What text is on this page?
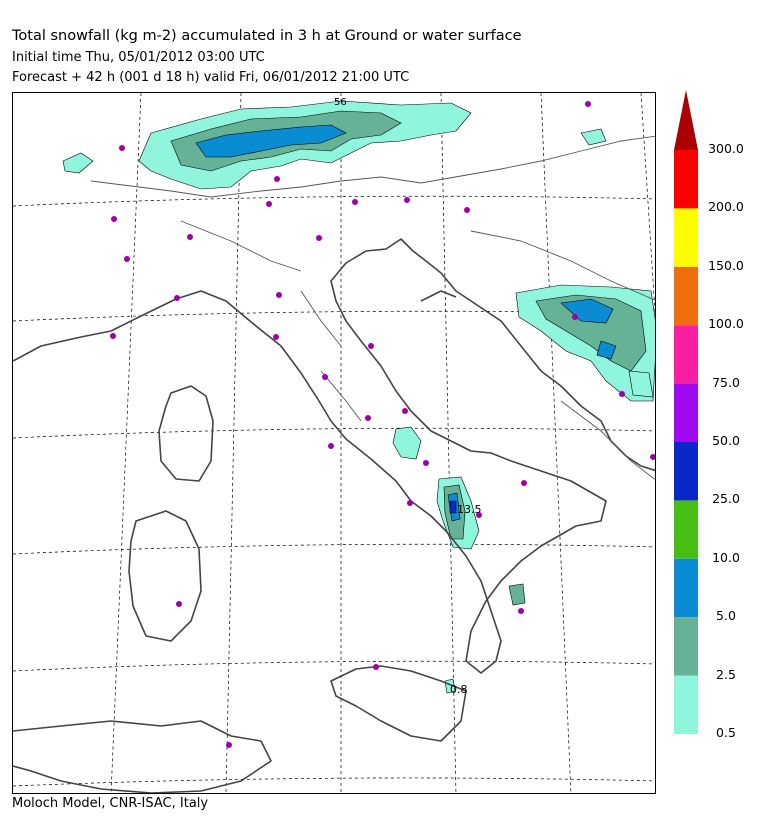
Total snowfall (kg m-2) accumulated in 3 h at Ground or water surface
Initial time Thu, 05/01/2012 03:00 UTC
Forecast + 42 h (001 d 18 h) valid Fri, 06/01/2012 21:00 UTC
56
13.5
0.8
0.5
2.5
5.0
10.0
25.0
50.0
75.0
100.0
150.0
200.0
300.0
Moloch Model, CNR-ISAC, Italy
